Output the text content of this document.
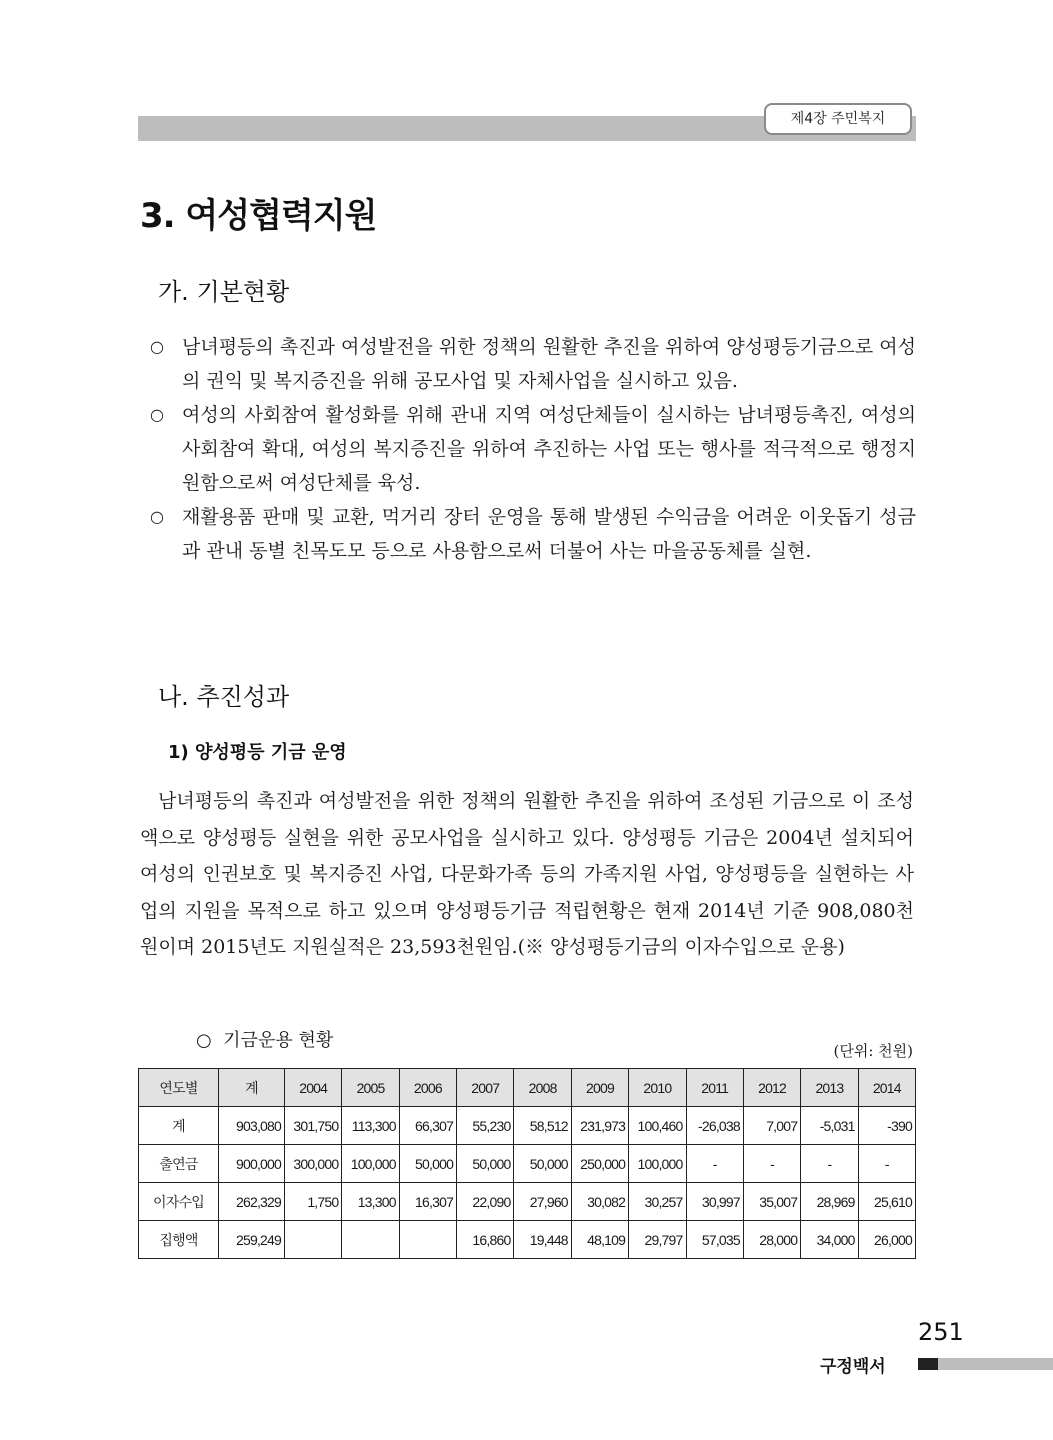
제4장 주민복지
3. 여성협력지원
가. 기본현황
○ 남녀평등의 촉진과 여성발전을 위한 정책의 원활한 추진을 위하여 양성평등기금으로 여성의 권익 및 복지증진을 위해 공모사업 및 자체사업을 실시하고 있음.
○ 여성의 사회참여 활성화를 위해 관내 지역 여성단체들이 실시하는 남녀평등촉진, 여성의 사회참여 확대, 여성의 복지증진을 위하여 추진하는 사업 또는 행사를 적극적으로 행정지원함으로써 여성단체를 육성.
○ 재활용품 판매 및 교환, 먹거리 장터 운영을 통해 발생된 수익금을 어려운 이웃돕기 성금과 관내 동별 친목도모 등으로 사용함으로써 더불어 사는 마을공동체를 실현.
나. 추진성과
1) 양성평등 기금 운영

남녀평등의 촉진과 여성발전을 위한 정책의 원활한 추진을 위하여 조성된 기금으로 이 조성액으로 양성평등 실현을 위한 공모사업을 실시하고 있다. 양성평등 기금은 2004년 설치되어 여성의 인권보호 및 복지증진 사업, 다문화가족 등의 가족지원 사업, 양성평등을 실현하는 사업의 지원을 목적으로 하고 있으며 양성평등기금 적립현황은 현재 2014년 기준 908,080천원이며 2015년도 지원실적은 23,593천원임.(※ 양성평등기금의 이자수입으로 운용)

○ 기금운용 현황	(단위: 천원)
연도별	계	2004	2005	2006	2007	2008	2009	2010	2011	2012	2013	2014
계	903,080	301,750	113,300	66,307	55,230	58,512	231,973	100,460	-26,038	7,007	-5,031	-390
출연금	900,000	300,000	100,000	50,000	50,000	50,000	250,000	100,000	-	-	-	-
이자수입	262,329	1,750	13,300	16,307	22,090	27,960	30,082	30,257	30,997	35,007	28,969	25,610
집행액	259,249				16,860	19,448	48,109	29,797	57,035	28,000	34,000	26,000
251
구정백서
